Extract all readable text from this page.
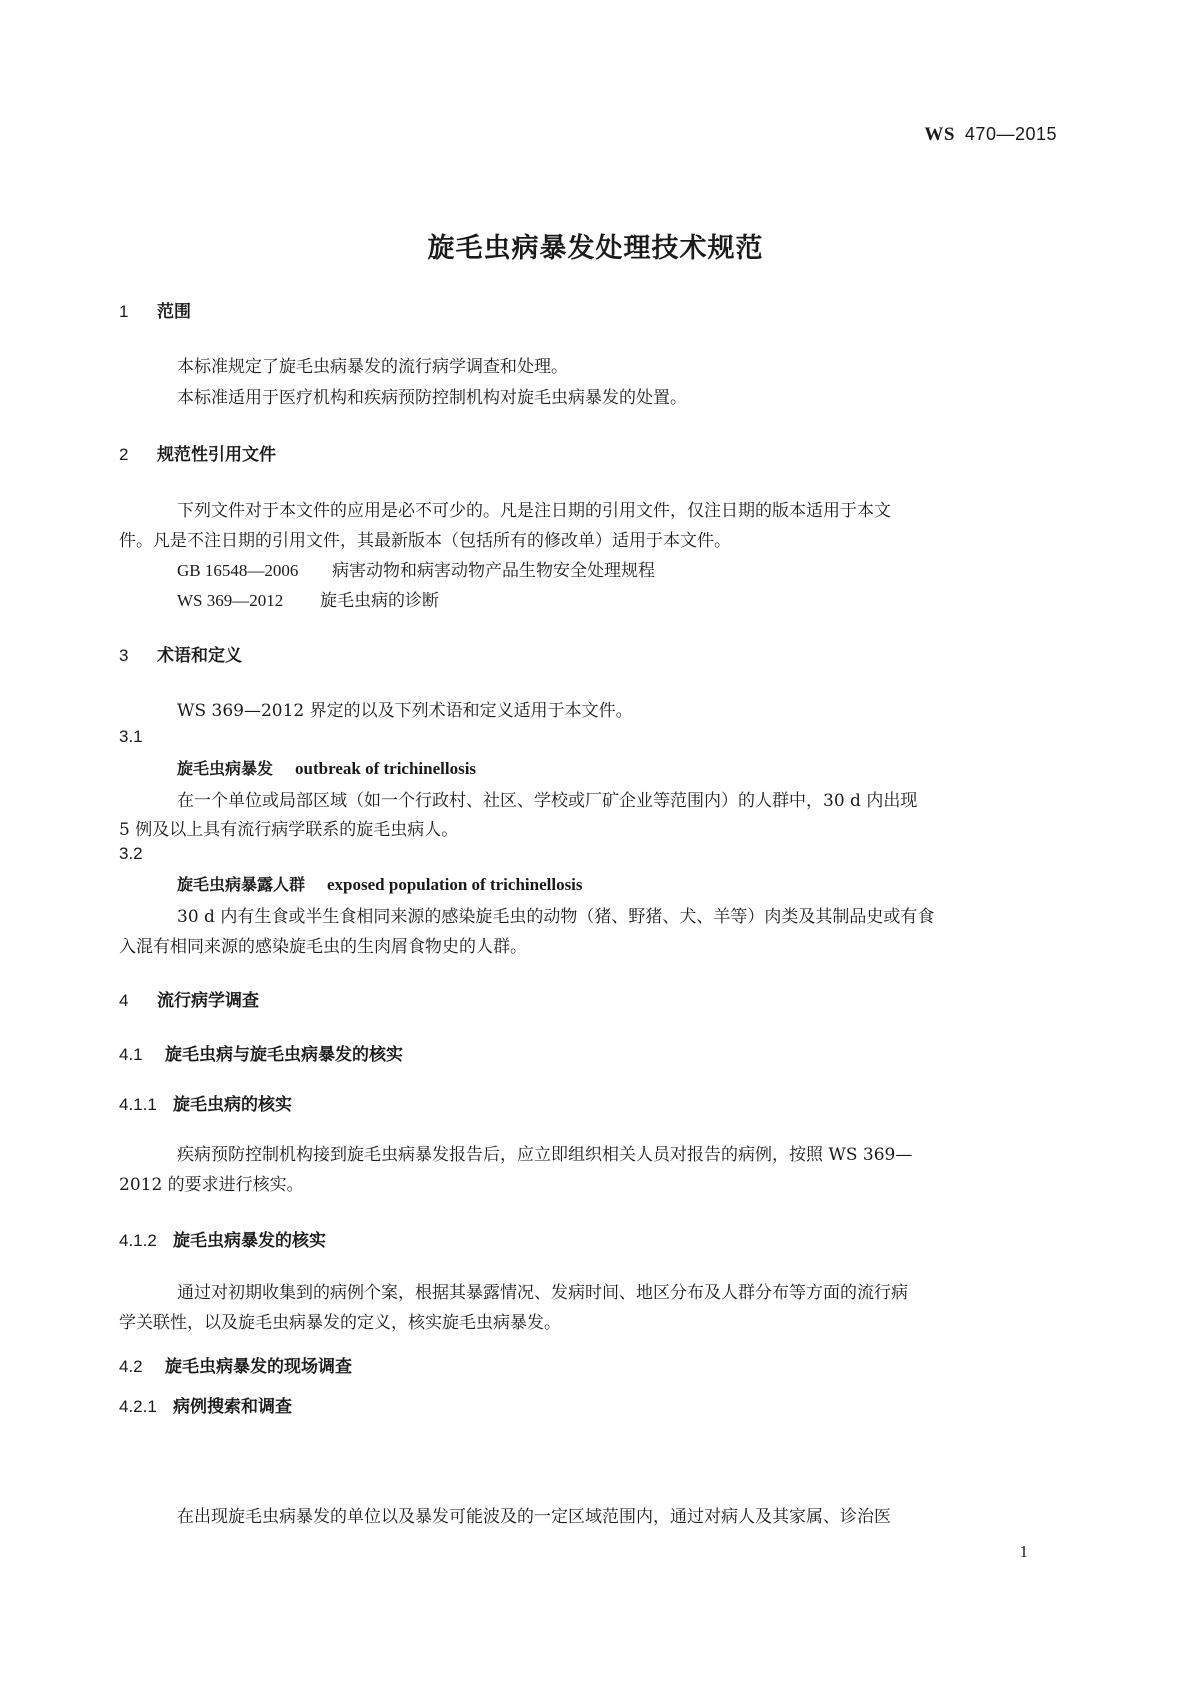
WS 470—2015
旋毛虫病暴发处理技术规范
1 范围
本标准规定了旋毛虫病暴发的流行病学调查和处理。
本标准适用于医疗机构和疾病预防控制机构对旋毛虫病暴发的处置。
2 规范性引用文件
下列文件对于本文件的应用是必不可少的。凡是注日期的引用文件，仅注日期的版本适用于本文
件。凡是不注日期的引用文件，其最新版本（包括所有的修改单）适用于本文件。
GB 16548—2006 病害动物和病害动物产品生物安全处理规程
WS 369—2012 旋毛虫病的诊断
3 术语和定义
WS 369—2012 界定的以及下列术语和定义适用于本文件。
3.1
旋毛虫病暴发 outbreak of trichinellosis
在一个单位或局部区域（如一个行政村、社区、学校或厂矿企业等范围内）的人群中，30 d 内出现
5 例及以上具有流行病学联系的旋毛虫病人。
3.2
旋毛虫病暴露人群 exposed population of trichinellosis
30 d 内有生食或半生食相同来源的感染旋毛虫的动物（猪、野猪、犬、羊等）肉类及其制品史或有食
入混有相同来源的感染旋毛虫的生肉屑食物史的人群。
4 流行病学调查
4.1 旋毛虫病与旋毛虫病暴发的核实
4.1.1 旋毛虫病的核实
疾病预防控制机构接到旋毛虫病暴发报告后，应立即组织相关人员对报告的病例，按照 WS 369—
2012 的要求进行核实。
4.1.2 旋毛虫病暴发的核实
通过对初期收集到的病例个案，根据其暴露情况、发病时间、地区分布及人群分布等方面的流行病
学关联性，以及旋毛虫病暴发的定义，核实旋毛虫病暴发。
4.2 旋毛虫病暴发的现场调查
4.2.1 病例搜索和调查
在出现旋毛虫病暴发的单位以及暴发可能波及的一定区域范围内，通过对病人及其家属、诊治医
1
